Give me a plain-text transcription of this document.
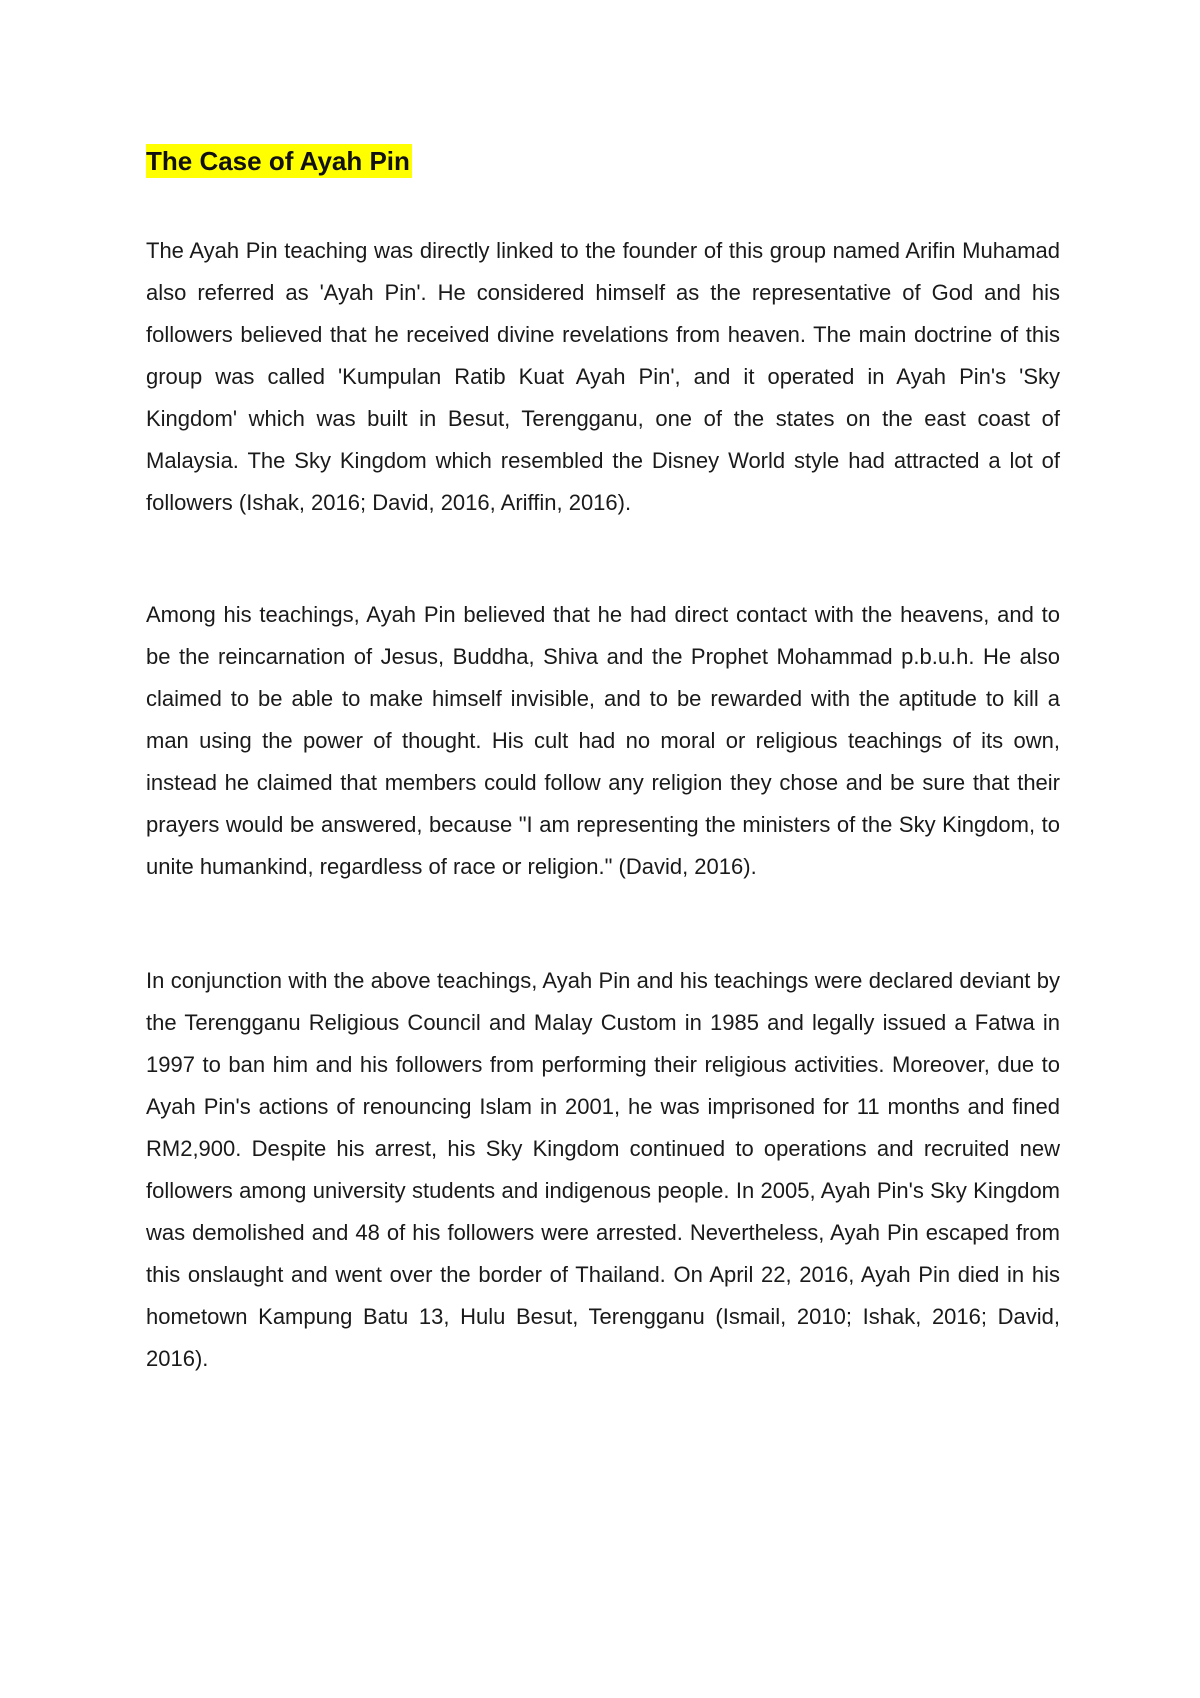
The Case of Ayah Pin

The Ayah Pin teaching was directly linked to the founder of this group named Arifin Muhamad also referred as 'Ayah Pin'. He considered himself as the representative of God and his followers believed that he received divine revelations from heaven. The main doctrine of this group was called 'Kumpulan Ratib Kuat Ayah Pin', and it operated in Ayah Pin's 'Sky Kingdom' which was built in Besut, Terengganu, one of the states on the east coast of Malaysia. The Sky Kingdom which resembled the Disney World style had attracted a lot of followers (Ishak, 2016; David, 2016, Ariffin, 2016).

Among his teachings, Ayah Pin believed that he had direct contact with the heavens, and to be the reincarnation of Jesus, Buddha, Shiva and the Prophet Mohammad p.b.u.h. He also claimed to be able to make himself invisible, and to be rewarded with the aptitude to kill a man using the power of thought. His cult had no moral or religious teachings of its own, instead he claimed that members could follow any religion they chose and be sure that their prayers would be answered, because "I am representing the ministers of the Sky Kingdom, to unite humankind, regardless of race or religion." (David, 2016).

In conjunction with the above teachings, Ayah Pin and his teachings were declared deviant by the Terengganu Religious Council and Malay Custom in 1985 and legally issued a Fatwa in 1997 to ban him and his followers from performing their religious activities. Moreover, due to Ayah Pin's actions of renouncing Islam in 2001, he was imprisoned for 11 months and fined RM2,900. Despite his arrest, his Sky Kingdom continued to operations and recruited new followers among university students and indigenous people. In 2005, Ayah Pin's Sky Kingdom was demolished and 48 of his followers were arrested. Nevertheless, Ayah Pin escaped from this onslaught and went over the border of Thailand. On April 22, 2016, Ayah Pin died in his hometown Kampung Batu 13, Hulu Besut, Terengganu (Ismail, 2010; Ishak, 2016; David, 2016).
